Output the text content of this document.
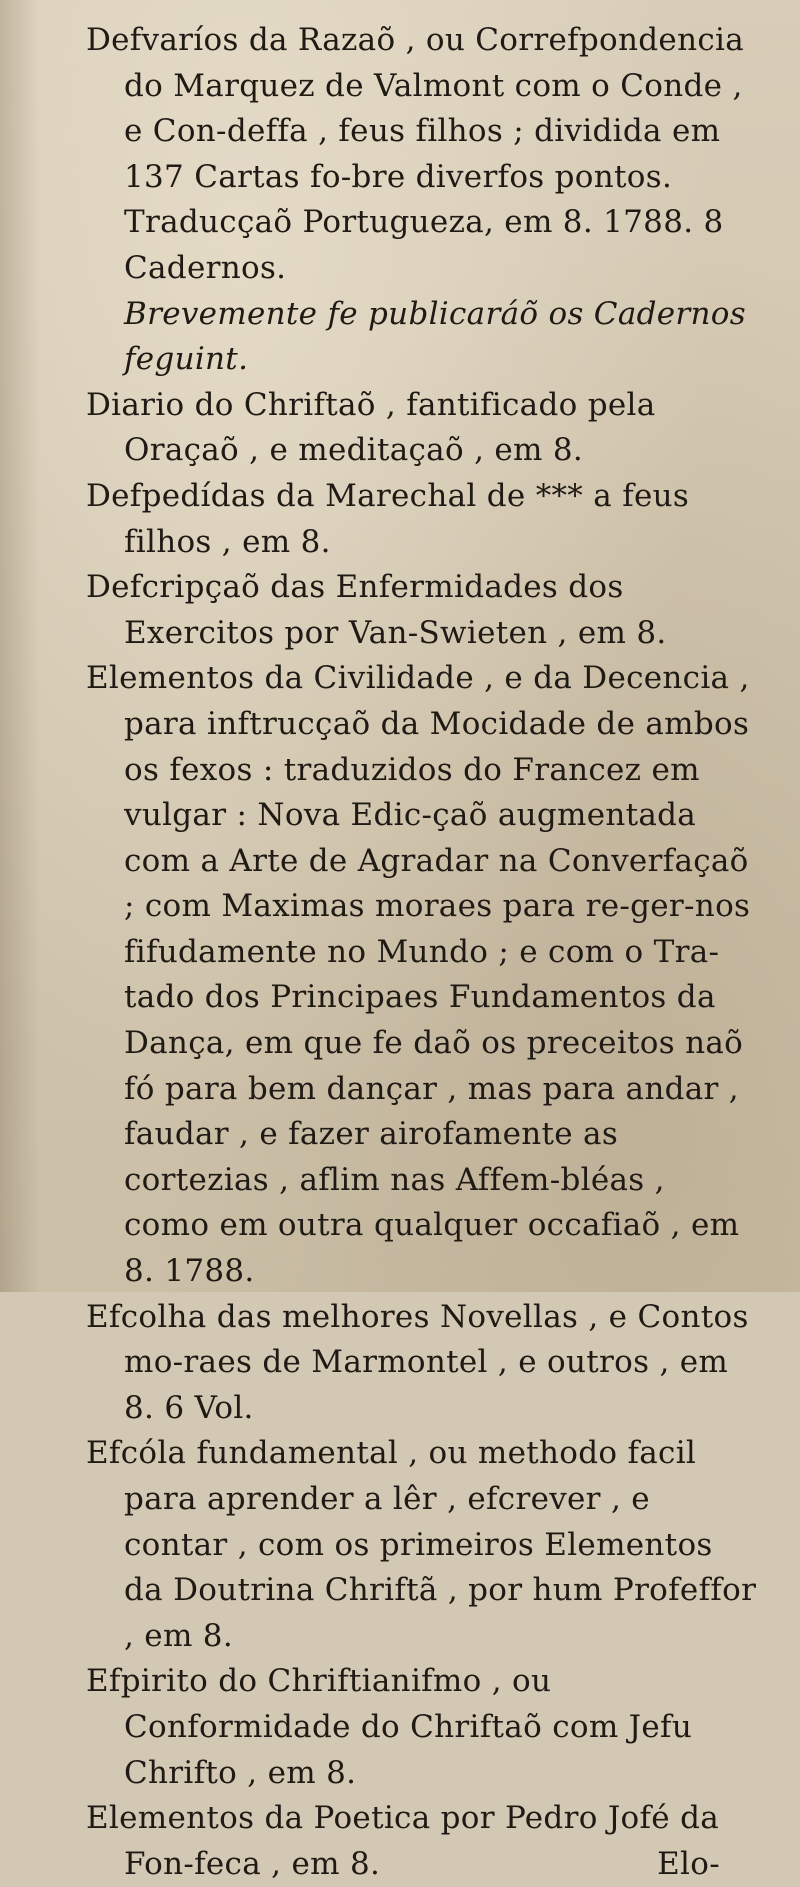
Defvaríos da Razaõ , ou Correfpondencia do Marquez de Valmont com o Conde , e Con-deffa , feus filhos ; dividida em 137 Cartas fo-bre diverfos pontos. Traducçaõ Portugueza, em 8. 1788. 8 Cadernos.

Brevemente fe publicaráõ os Cadernos feguint.

Diario do Chriftaõ , fantificado pela Oraçaõ , e meditaçaõ , em 8.

Defpedídas da Marechal de *** a feus filhos , em 8.

Defcripçaõ das Enfermidades dos Exercitos por Van-Swieten , em 8.

Elementos da Civilidade , e da Decencia , para inftrucçaõ da Mocidade de ambos os fexos : traduzidos do Francez em vulgar : Nova Edic-çaõ augmentada com a Arte de Agradar na Converfaçaõ ; com Maximas moraes para re-ger-nos fifudamente no Mundo ; e com o Tra-tado dos Principaes Fundamentos da Dança, em que fe daõ os preceitos naõ fó para bem dançar , mas para andar , faudar , e fazer airofamente as cortezias , aflim nas Affem-bléas , como em outra qualquer occafiaõ , em 8. 1788.

Efcolha das melhores Novellas , e Contos mo-raes de Marmontel , e outros , em 8. 6 Vol.

Efcóla fundamental , ou methodo facil para aprender a lêr , efcrever , e contar , com os primeiros Elementos da Doutrina Chriftã , por hum Profeffor , em 8.

Efpirito do Chriftianifmo , ou Conformidade do Chriftaõ com Jefu Chrifto , em 8.

Elementos da Poetica por Pedro Jofé da Fon-feca , em 8.	Elo-
